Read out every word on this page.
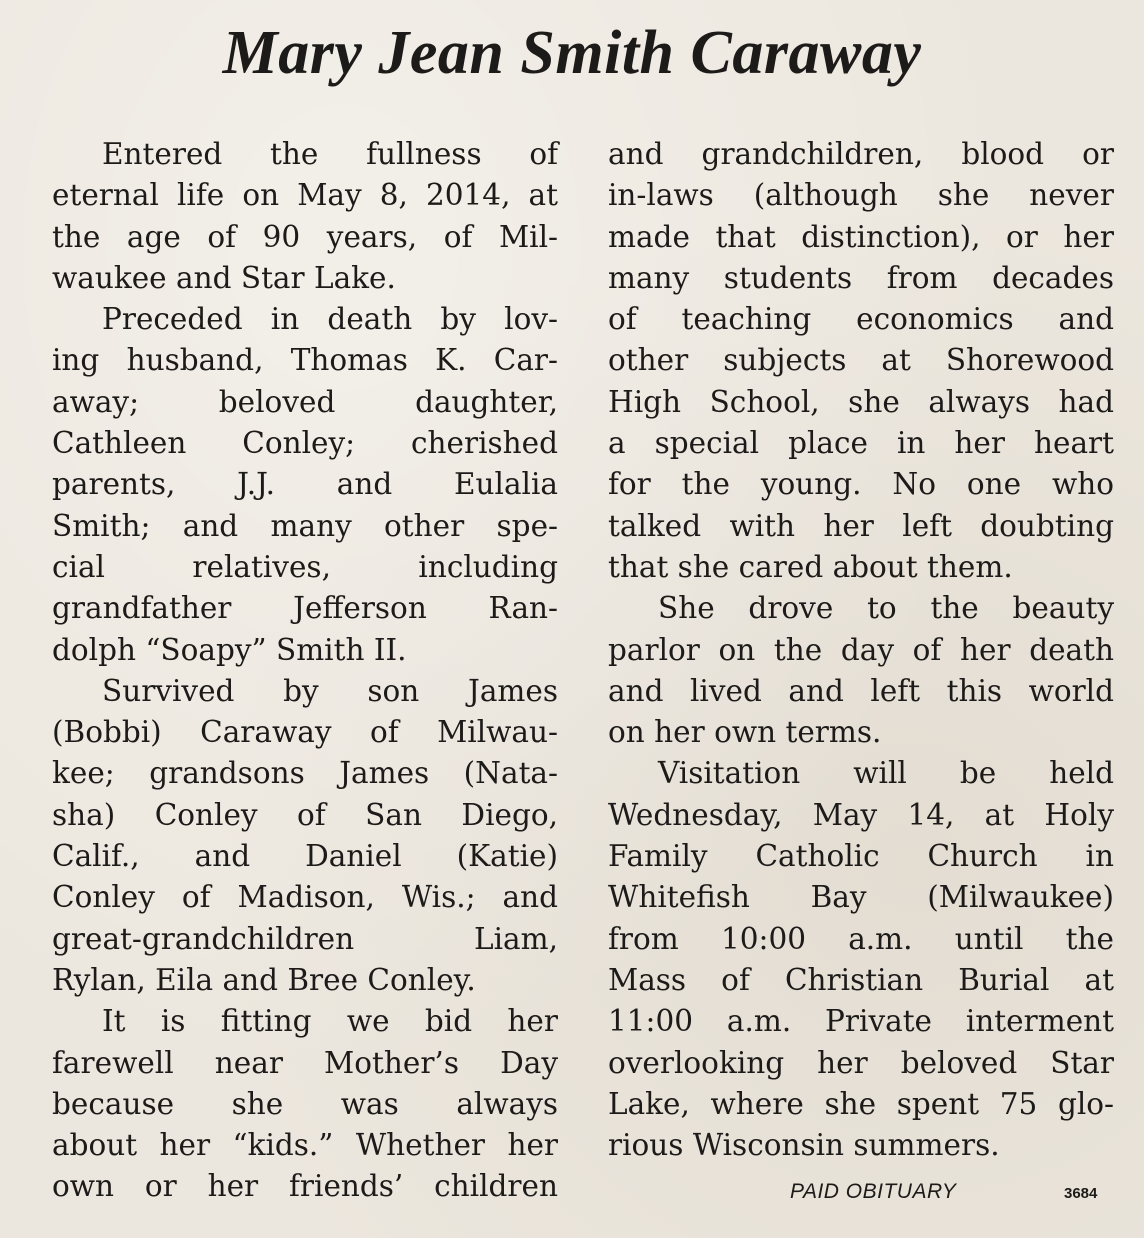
Mary Jean Smith Caraway
Entered the fullness of
eternal life on May 8, 2014, at
the age of 90 years, of Mil-
waukee and Star Lake.
Preceded in death by lov-
ing husband, Thomas K. Car-
away; beloved daughter,
Cathleen Conley; cherished
parents, J.J. and Eulalia
Smith; and many other spe-
cial relatives, including
grandfather Jefferson Ran-
dolph “Soapy” Smith II.
Survived by son James
(Bobbi) Caraway of Milwau-
kee; grandsons James (Nata-
sha) Conley of San Diego,
Calif., and Daniel (Katie)
Conley of Madison, Wis.; and
great-grandchildren Liam,
Rylan, Eila and Bree Conley.
It is fitting we bid her
farewell near Mother’s Day
because she was always
about her “kids.” Whether her
own or her friends’ children
and grandchildren, blood or
in-laws (although she never
made that distinction), or her
many students from decades
of teaching economics and
other subjects at Shorewood
High School, she always had
a special place in her heart
for the young. No one who
talked with her left doubting
that she cared about them.
She drove to the beauty
parlor on the day of her death
and lived and left this world
on her own terms.
Visitation will be held
Wednesday, May 14, at Holy
Family Catholic Church in
Whitefish Bay (Milwaukee)
from 10:00 a.m. until the
Mass of Christian Burial at
11:00 a.m. Private interment
overlooking her beloved Star
Lake, where she spent 75 glo-
rious Wisconsin summers.
PAID OBITUARY	3684
